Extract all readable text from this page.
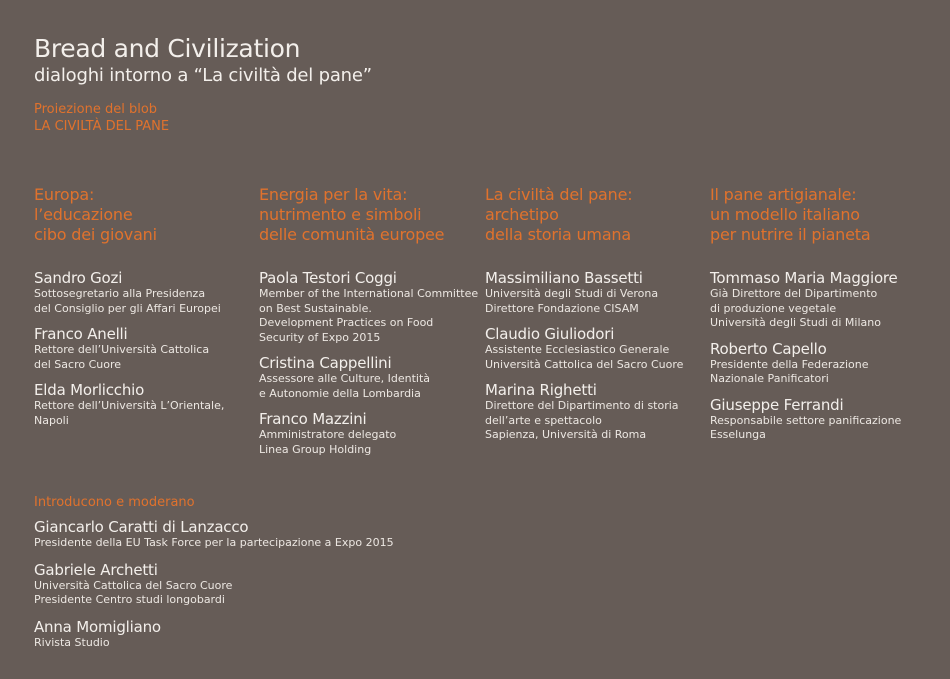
Bread and Civilization
dialoghi intorno a “La civiltà del pane”
Proiezione del blob
LA CIVILTÀ DEL PANE
Europa:
l’educazione
cibo dei giovani
Sandro Gozi
Sottosegretario alla Presidenza
del Consiglio per gli Affari Europei
Franco Anelli
Rettore dell’Università Cattolica
del Sacro Cuore
Elda Morlicchio
Rettore dell’Università L’Orientale,
Napoli
Energia per la vita:
nutrimento e simboli
delle comunità europee
Paola Testori Coggi
Member of the International Committee
on Best Sustainable.
Development Practices on Food
Security of Expo 2015
Cristina Cappellini
Assessore alle Culture, Identità
e Autonomie della Lombardia
Franco Mazzini
Amministratore delegato
Linea Group Holding
La civiltà del pane:
archetipo
della storia umana
Massimiliano Bassetti
Università degli Studi di Verona
Direttore Fondazione CISAM
Claudio Giuliodori
Assistente Ecclesiastico Generale
Università Cattolica del Sacro Cuore
Marina Righetti
Direttore del Dipartimento di storia
dell’arte e spettacolo
Sapienza, Università di Roma
Il pane artigianale:
un modello italiano
per nutrire il pianeta
Tommaso Maria Maggiore
Già Direttore del Dipartimento
di produzione vegetale
Università degli Studi di Milano
Roberto Capello
Presidente della Federazione
Nazionale Panificatori
Giuseppe Ferrandi
Responsabile settore panificazione
Esselunga
Introducono e moderano
Giancarlo Caratti di Lanzacco
Presidente della EU Task Force per la partecipazione a Expo 2015
Gabriele Archetti
Università Cattolica del Sacro Cuore
Presidente Centro studi longobardi
Anna Momigliano
Rivista Studio
